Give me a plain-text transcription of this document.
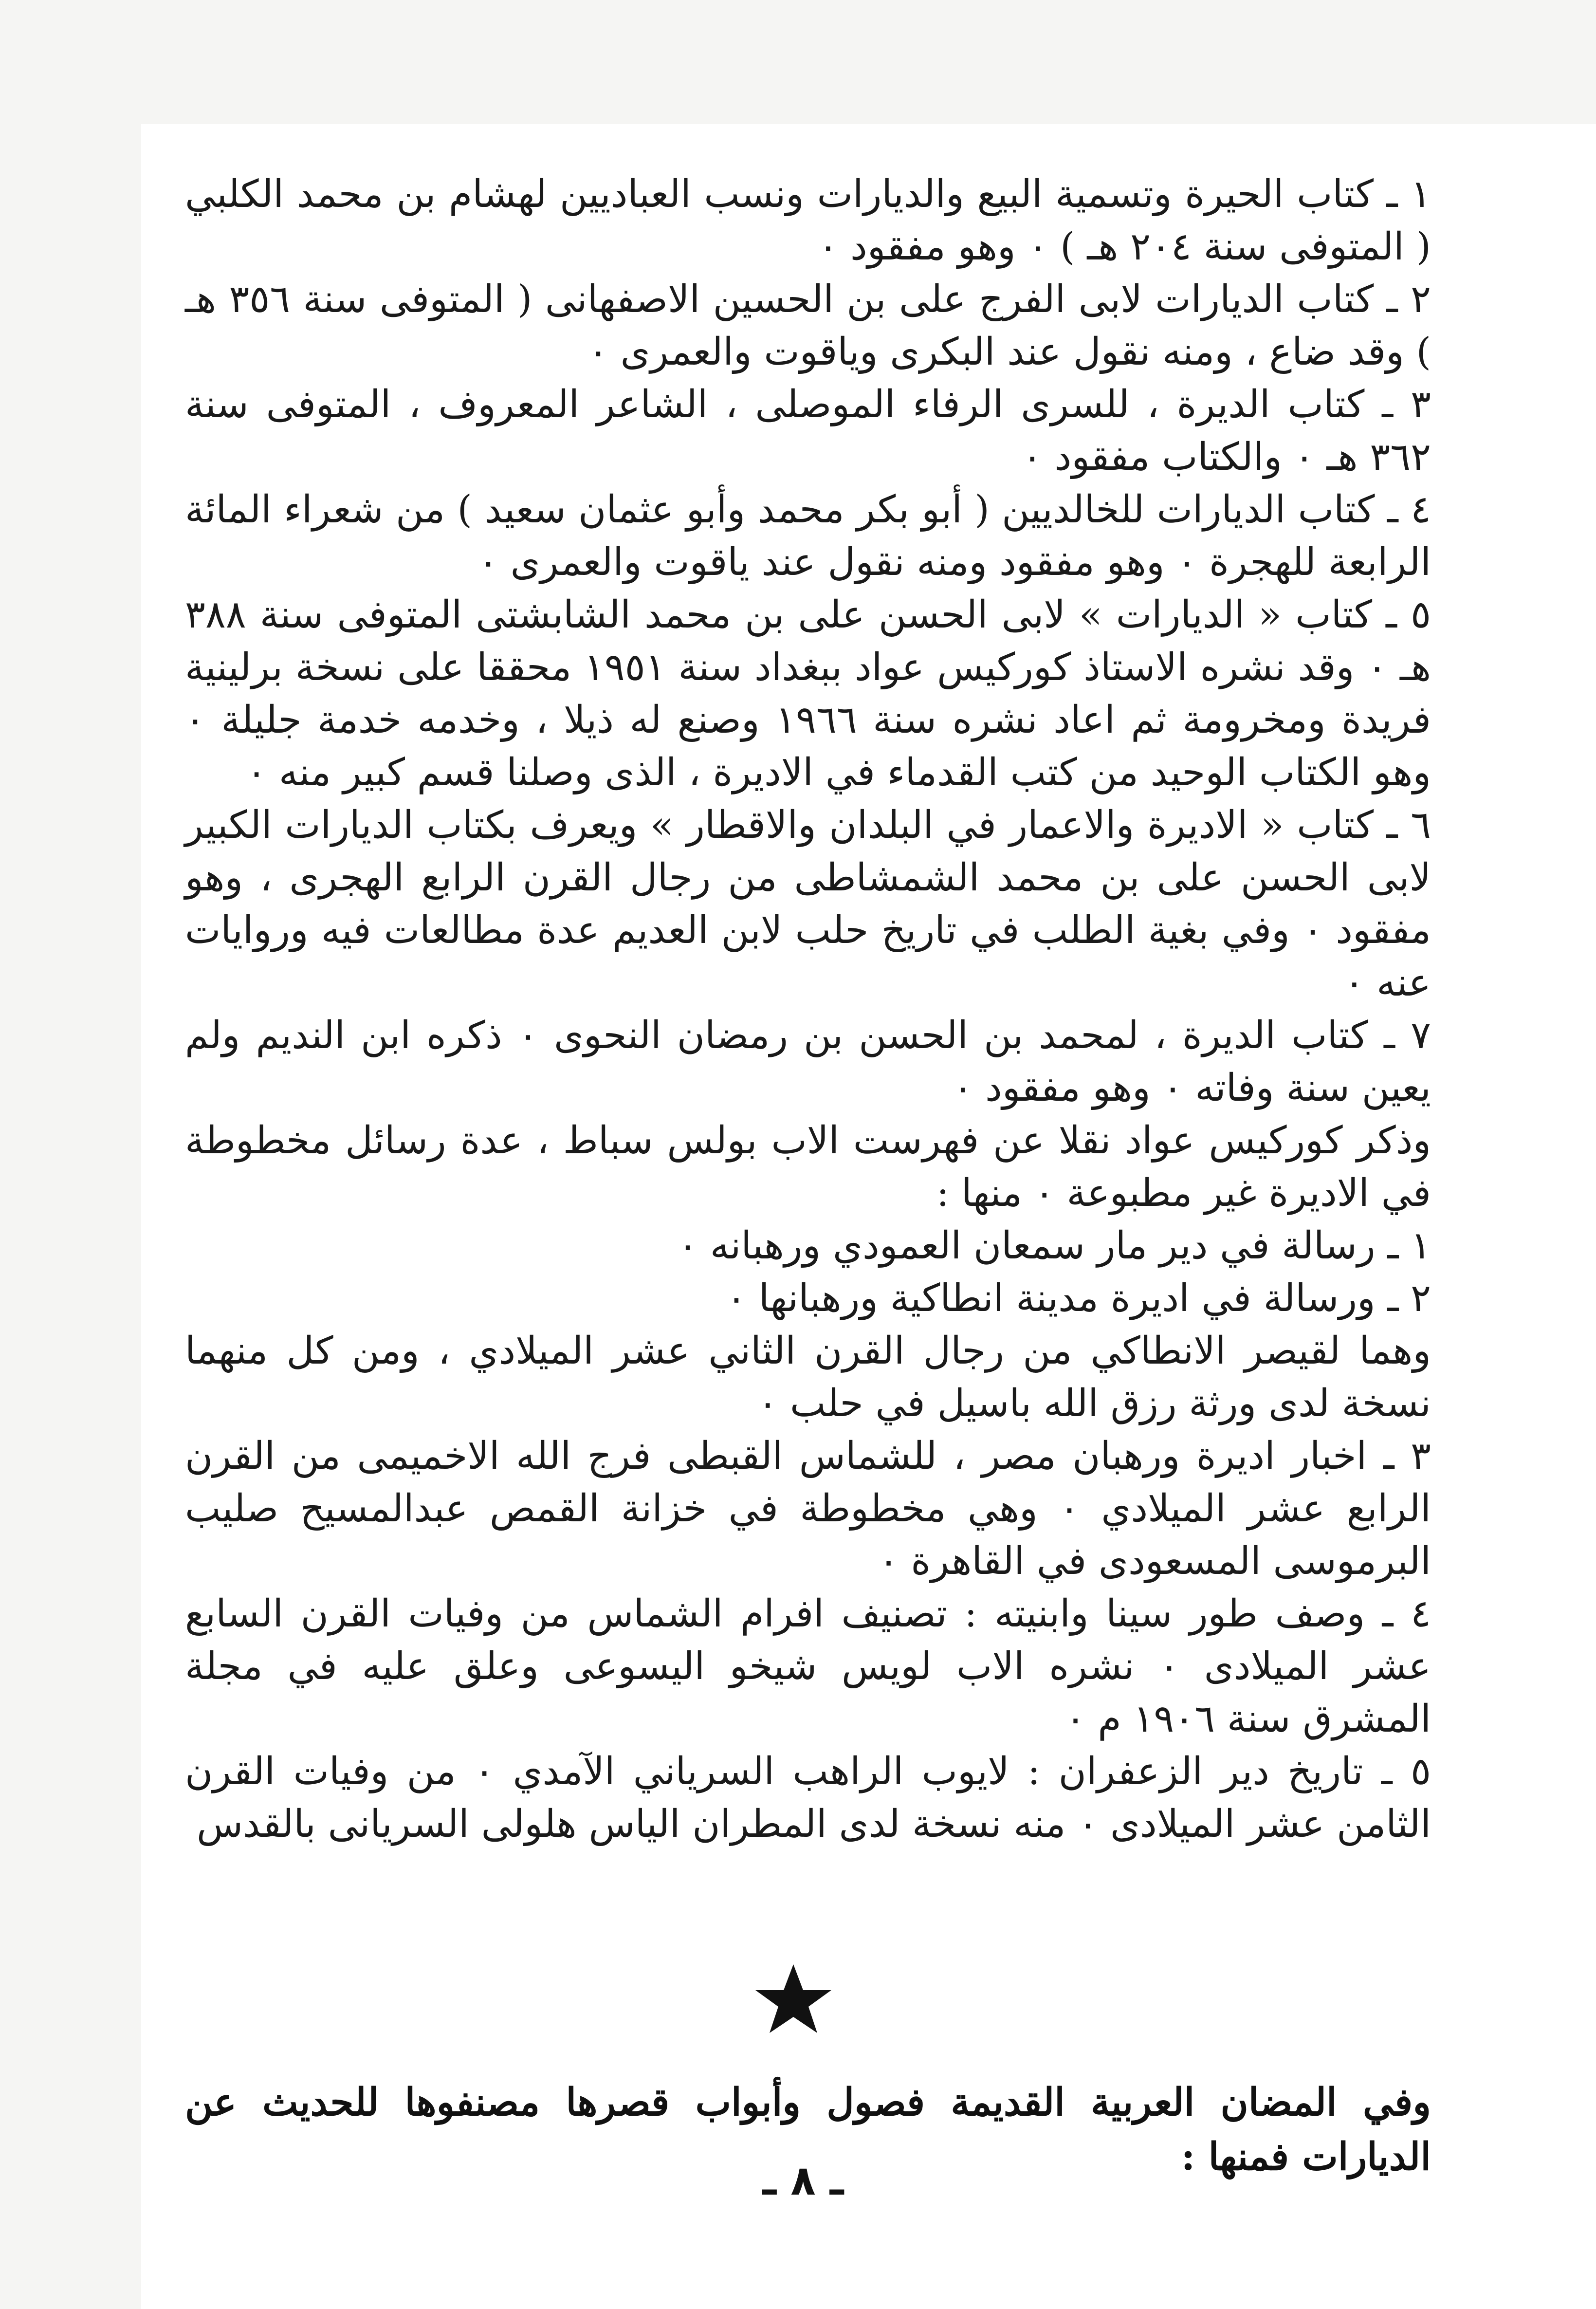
١ ـ كتاب الحيرة وتسمية البيع والديارات ونسب العباديين لهشام بن محمد الكلبي ( المتوفى سنة ٢٠٤ هـ ) ٠ وهو مفقود ٠

٢ ـ كتاب الديارات لابى الفرج على بن الحسين الاصفهانى ( المتوفى سنة ٣٥٦ هـ ) وقد ضاع ، ومنه نقول عند البكرى وياقوت والعمرى ٠

٣ ـ كتاب الديرة ، للسرى الرفاء الموصلى ، الشاعر المعروف ، المتوفى سنة ٣٦٢ هـ ٠ والكتاب مفقود ٠

٤ ـ كتاب الديارات للخالديين ( أبو بكر محمد وأبو عثمان سعيد ) من شعراء المائة الرابعة للهجرة ٠ وهو مفقود ومنه نقول عند ياقوت والعمرى ٠

٥ ـ كتاب « الديارات » لابى الحسن على بن محمد الشابشتى المتوفى سنة ٣٨٨ هـ ٠ وقد نشره الاستاذ كوركيس عواد ببغداد سنة ١٩٥١ محققا على نسخة برلينية فريدة ومخرومة ثم اعاد نشره سنة ١٩٦٦ وصنع له ذيلا ، وخدمه خدمة جليلة ٠ وهو الكتاب الوحيد من كتب القدماء في الاديرة ، الذى وصلنا قسم كبير منه ٠

٦ ـ كتاب « الاديرة والاعمار في البلدان والاقطار » ويعرف بكتاب الديارات الكبير لابى الحسن على بن محمد الشمشاطى من رجال القرن الرابع الهجرى ، وهو مفقود ٠ وفي بغية الطلب في تاريخ حلب لابن العديم عدة مطالعات فيه وروايات عنه ٠

٧ ـ كتاب الديرة ، لمحمد بن الحسن بن رمضان النحوى ٠ ذكره ابن النديم ولم يعين سنة وفاته ٠ وهو مفقود ٠

وذكر كوركيس عواد نقلا عن فهرست الاب بولس سباط ، عدة رسائل مخطوطة في الاديرة غير مطبوعة ٠ منها :

١ ـ رسالة في دير مار سمعان العمودي ورهبانه ٠

٢ ـ ورسالة في اديرة مدينة انطاكية ورهبانها ٠

وهما لقيصر الانطاكي من رجال القرن الثاني عشر الميلادي ، ومن كل منهما نسخة لدى ورثة رزق الله باسيل في حلب ٠

٣ ـ اخبار اديرة ورهبان مصر ، للشماس القبطى فرج الله الاخميمى من القرن الرابع عشر الميلادي ٠ وهي مخطوطة في خزانة القمص عبدالمسيح صليب البرموسى المسعودى في القاهرة ٠

٤ ـ وصف طور سينا وابنيته : تصنيف افرام الشماس من وفيات القرن السابع عشر الميلادى ٠ نشره الاب لويس شيخو اليسوعى وعلق عليه في مجلة المشرق سنة ١٩٠٦ م ٠

٥ ـ تاريخ دير الزعفران : لايوب الراهب السرياني الآمدي ٠ من وفيات القرن الثامن عشر الميلادى ٠ منه نسخة لدى المطران الياس هلولى السريانى بالقدس

وفي المضان العربية القديمة فصول وأبواب قصرها مصنفوها للحديث عن الديارات فمنها :

ـ ٨ ـ
